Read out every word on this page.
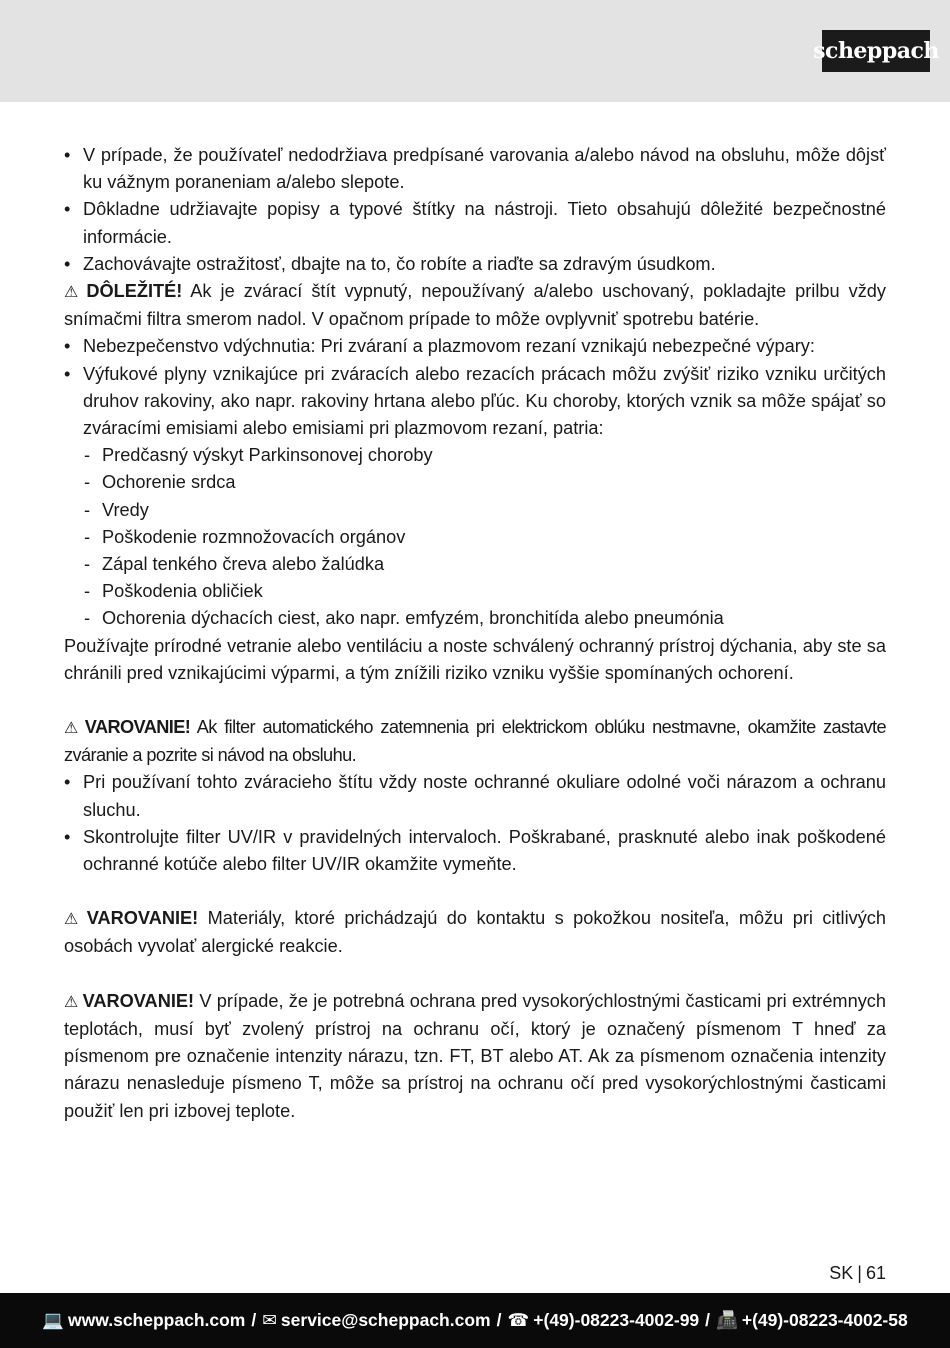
scheppach
• V prípade, že používateľ nedodržiava predpísané varovania a/alebo návod na obsluhu, môže dôjsť ku vážnym poraneniam a/alebo slepote.
• Dôkladne udržiavajte popisy a typové štítky na nástroji. Tieto obsahujú dôležité bezpečnostné informácie.
• Zachovávajte ostražitosť, dbajte na to, čo robíte a riaďte sa zdravým úsudkom.
⚠ DÔLEŽITÉ! Ak je zvárací štít vypnutý, nepoužívaný a/alebo uschovaný, pokladajte prilbu vždy snímačmi filtra smerom nadol. V opačnom prípade to môže ovplyvniť spotrebu batérie.
• Nebezpečenstvo vdýchnutia: Pri zváraní a plazmovom rezaní vznikajú nebezpečné výpary:
• Výfukové plyny vznikajúce pri zváracích alebo rezacích prácach môžu zvýšiť riziko vzniku určitých druhov rakoviny, ako napr. rakoviny hrtana alebo pľúc. Ku choroby, ktorých vznik sa môže spájať so zváracími emisiami alebo emisiami pri plazmovom rezaní, patria:
- Predčasný výskyt Parkinsonovej choroby
- Ochorenie srdca
- Vredy
- Poškodenie rozmnožovacích orgánov
- Zápal tenkého čreva alebo žalúdka
- Poškodenia obličiek
- Ochorenia dýchacích ciest, ako napr. emfyzém, bronchitída alebo pneumónia
Používajte prírodné vetranie alebo ventiláciu a noste schválený ochranný prístroj dýchania, aby ste sa chránili pred vznikajúcimi výparmi, a tým znížili riziko vzniku vyššie spomínaných ochorení.
⚠ VAROVANIE! Ak filter automatického zatemnenia pri elektrickom oblúku nestmavne, okamžite zastavte zváranie a pozrite si návod na obsluhu.
• Pri používaní tohto zváracieho štítu vždy noste ochranné okuliare odolné voči nárazom a ochranu sluchu.
• Skontrolujte filter UV/IR v pravidelných intervaloch. Poškrabané, prasknuté alebo inak poškodené ochranné kotúče alebo filter UV/IR okamžite vymeňte.
⚠ VAROVANIE! Materiály, ktoré prichádzajú do kontaktu s pokožkou nositeľa, môžu pri citlivých osobách vyvolať alergické reakcie.
⚠ VAROVANIE! V prípade, že je potrebná ochrana pred vysokorýchlostnými časticami pri extrémnych teplotách, musí byť zvolený prístroj na ochranu očí, ktorý je označený písmenom T hneď za písmenom pre označenie intenzity nárazu, tzn. FT, BT alebo AT. Ak za písmenom označenia intenzity nárazu nenasleduje písmeno T, môže sa prístroj na ochranu očí pred vysokorýchlostnými časticami použiť len pri izbovej teplote.
SK | 61
💻 www.scheppach.com / ✉ service@scheppach.com / ☎ +(49)-08223-4002-99 / 📠 +(49)-08223-4002-58
